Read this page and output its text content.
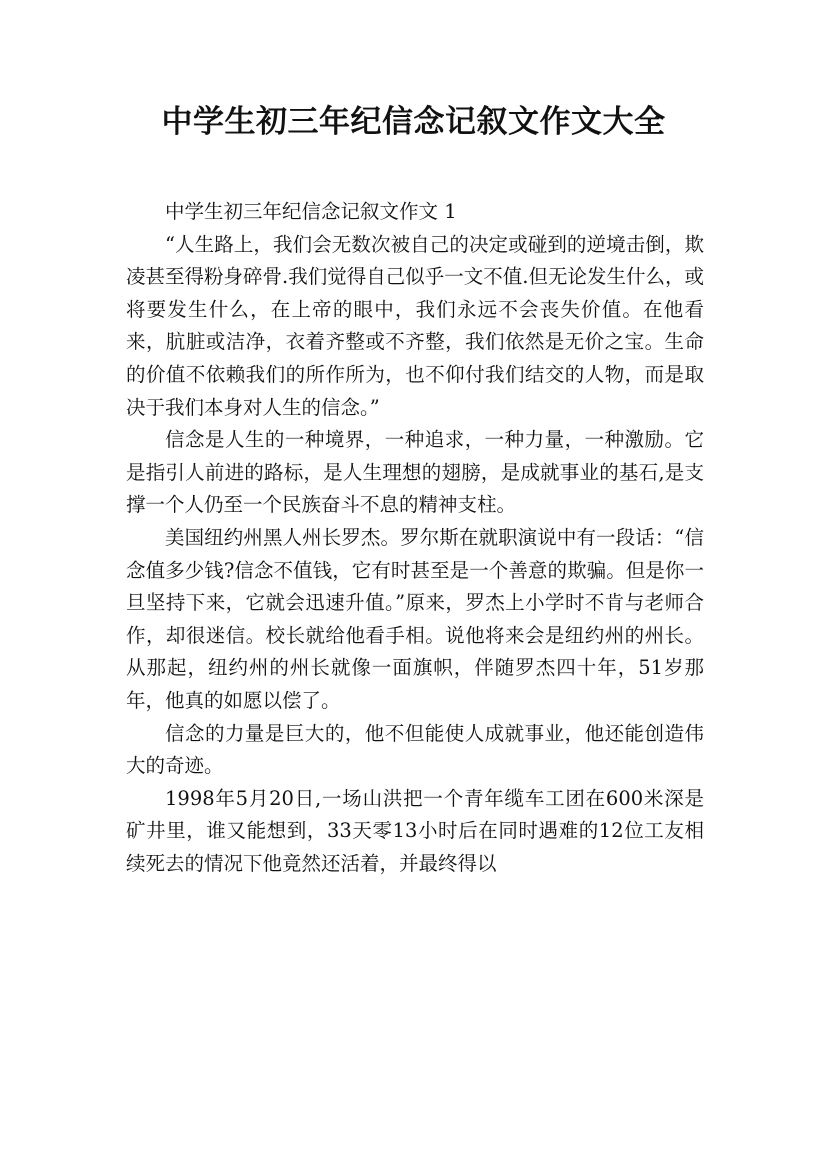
中学生初三年纪信念记叙文作文大全

中学生初三年纪信念记叙文作文 1

“人生路上，我们会无数次被自己的决定或碰到的逆境击倒，欺凌甚至得粉身碎骨.我们觉得自己似乎一文不值.但无论发生什么，或将要发生什么，在上帝的眼中，我们永远不会丧失价值。在他看来，肮脏或洁净，衣着齐整或不齐整，我们依然是无价之宝。生命的价值不依赖我们的所作所为，也不仰付我们结交的人物，而是取决于我们本身对人生的信念。”

信念是人生的一种境界，一种追求，一种力量，一种激励。它是指引人前进的路标，是人生理想的翅膀，是成就事业的基石,是支撑一个人仍至一个民族奋斗不息的精神支柱。

美国纽约州黑人州长罗杰。罗尔斯在就职演说中有一段话：“信念值多少钱?信念不值钱，它有时甚至是一个善意的欺骗。但是你一旦坚持下来，它就会迅速升值。”原来，罗杰上小学时不肯与老师合作，却很迷信。校长就给他看手相。说他将来会是纽约州的州长。从那起，纽约州的州长就像一面旗帜，伴随罗杰四十年，51岁那年，他真的如愿以偿了。

信念的力量是巨大的，他不但能使人成就事业，他还能创造伟大的奇迹。

1998年5月20日,一场山洪把一个青年缆车工团在600米深是矿井里，谁又能想到，33天零13小时后在同时遇难的12位工友相续死去的情况下他竟然还活着，并最终得以
